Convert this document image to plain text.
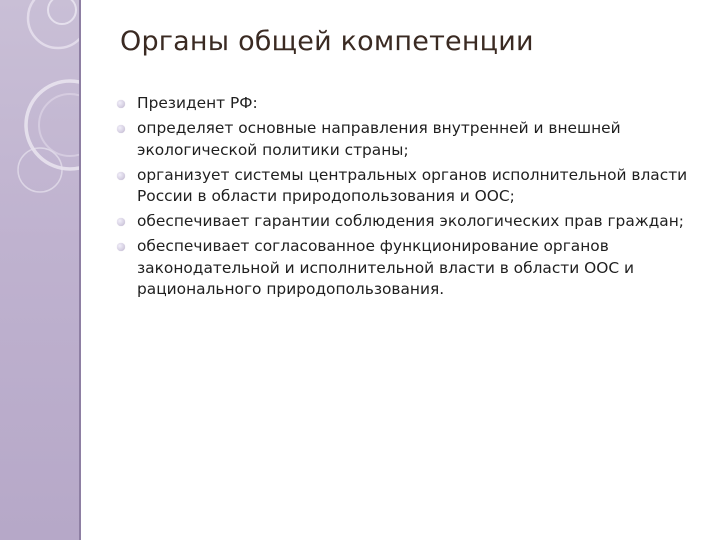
Органы общей компетенции
Президент РФ:
определяет основные направления внутренней и внешней экологической политики страны;
организует системы центральных органов исполнительной власти России в области природопользования и ООС;
обеспечивает гарантии соблюдения экологических прав граждан;
обеспечивает согласованное функционирование органов законодательной и исполнительной власти в области ООС и рационального природопользования.
